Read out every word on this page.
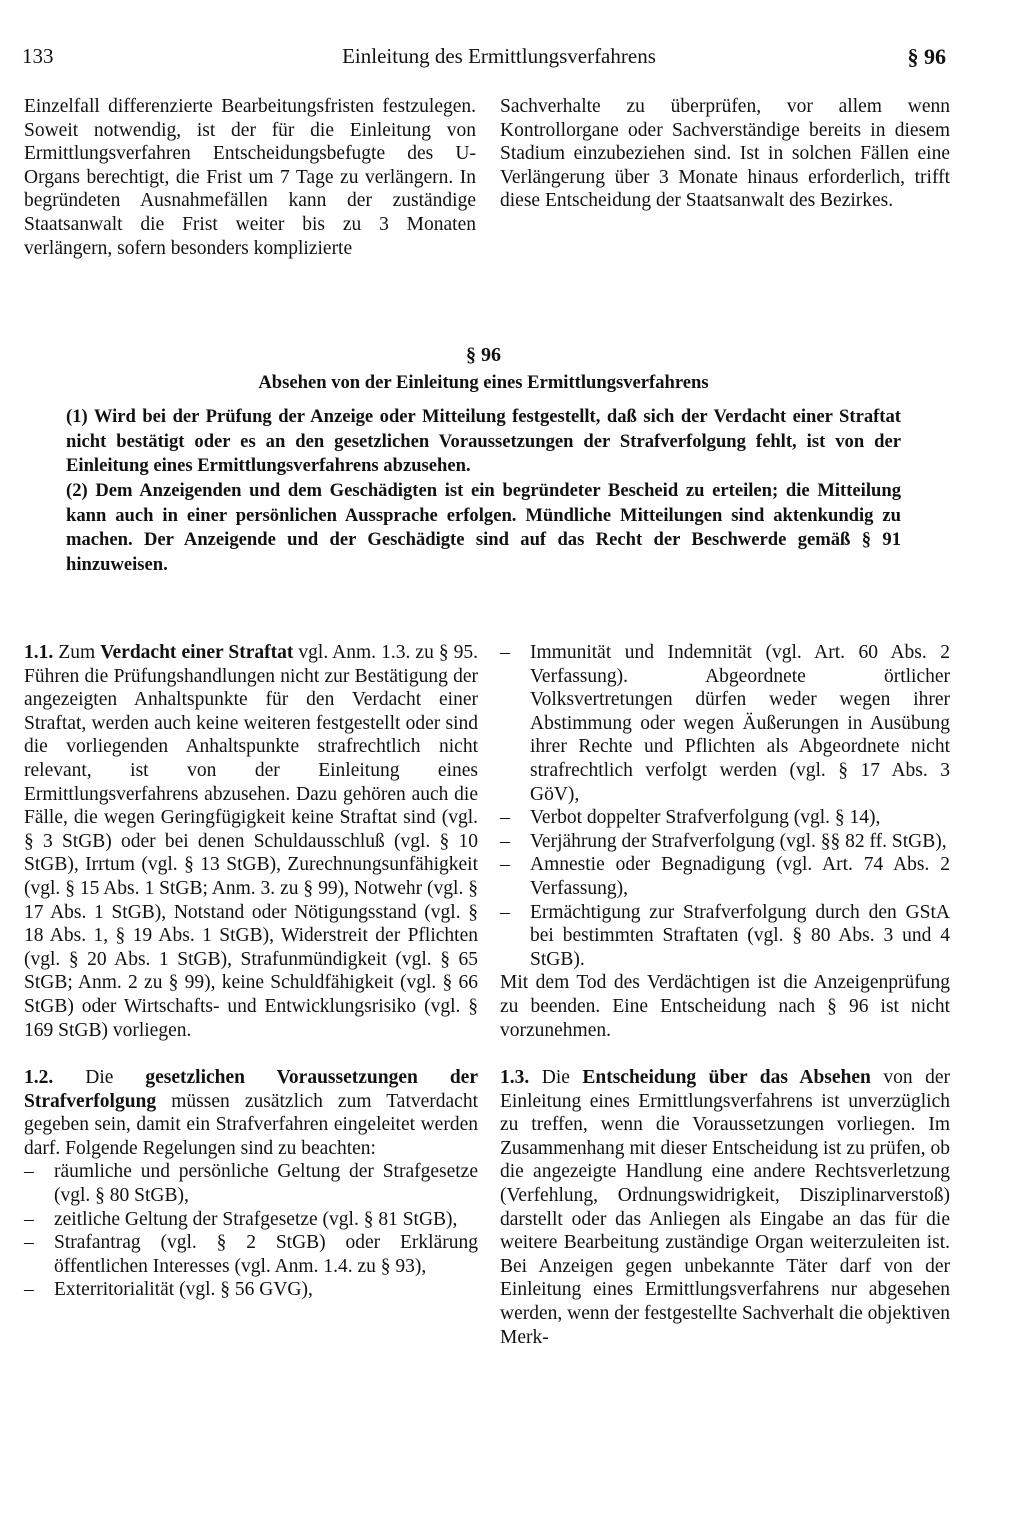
133	Einleitung des Ermittlungsverfahrens	§ 96

Einzelfall differenzierte Bearbeitungsfristen festzulegen. Soweit notwendig, ist der für die Einleitung von Ermittlungsverfahren Entscheidungsbefugte des U-Organs berechtigt, die Frist um 7 Tage zu verlängern. In begründeten Ausnahmefällen kann der zuständige Staatsanwalt die Frist weiter bis zu 3 Monaten verlängern, sofern besonders komplizierte

Sachverhalte zu überprüfen, vor allem wenn Kontrollorgane oder Sachverständige bereits in diesem Stadium einzubeziehen sind. Ist in solchen Fällen eine Verlängerung über 3 Monate hinaus erforderlich, trifft diese Entscheidung der Staatsanwalt des Bezirkes.

§ 96
Absehen von der Einleitung eines Ermittlungsverfahrens

(1) Wird bei der Prüfung der Anzeige oder Mitteilung festgestellt, daß sich der Verdacht einer Straftat nicht bestätigt oder es an den gesetzlichen Voraussetzungen der Strafverfolgung fehlt, ist von der Einleitung eines Ermittlungsverfahrens abzusehen.

(2) Dem Anzeigenden und dem Geschädigten ist ein begründeter Bescheid zu erteilen; die Mitteilung kann auch in einer persönlichen Aussprache erfolgen. Mündliche Mitteilungen sind aktenkundig zu machen. Der Anzeigende und der Geschädigte sind auf das Recht der Beschwerde gemäß § 91 hinzuweisen.

1.1. Zum Verdacht einer Straftat vgl. Anm. 1.3. zu § 95. Führen die Prüfungshandlungen nicht zur Bestätigung der angezeigten Anhaltspunkte für den Verdacht einer Straftat, werden auch keine weiteren festgestellt oder sind die vorliegenden Anhaltspunkte strafrechtlich nicht relevant, ist von der Einleitung eines Ermittlungsverfahrens abzusehen. Dazu gehören auch die Fälle, die wegen Geringfügigkeit keine Straftat sind (vgl. § 3 StGB) oder bei denen Schuldausschluß (vgl. § 10 StGB), Irrtum (vgl. § 13 StGB), Zurechnungsunfähigkeit (vgl. § 15 Abs. 1 StGB; Anm. 3. zu § 99), Notwehr (vgl. § 17 Abs. 1 StGB), Notstand oder Nötigungsstand (vgl. § 18 Abs. 1, § 19 Abs. 1 StGB), Widerstreit der Pflichten (vgl. § 20 Abs. 1 StGB), Strafunmündigkeit (vgl. § 65 StGB; Anm. 2 zu § 99), keine Schuldfähigkeit (vgl. § 66 StGB) oder Wirtschafts- und Entwicklungsrisiko (vgl. § 169 StGB) vorliegen.

1.2. Die gesetzlichen Voraussetzungen der Strafverfolgung müssen zusätzlich zum Tatverdacht gegeben sein, damit ein Strafverfahren eingeleitet werden darf. Folgende Regelungen sind zu beachten:

– räumliche und persönliche Geltung der Strafgesetze (vgl. § 80 StGB),
– zeitliche Geltung der Strafgesetze (vgl. § 81 StGB),
– Strafantrag (vgl. § 2 StGB) oder Erklärung öffentlichen Interesses (vgl. Anm. 1.4. zu § 93),
– Exterritorialität (vgl. § 56 GVG),
– Immunität und Indemnität (vgl. Art. 60 Abs. 2 Verfassung). Abgeordnete örtlicher Volksvertretungen dürfen weder wegen ihrer Abstimmung oder wegen Äußerungen in Ausübung ihrer Rechte und Pflichten als Abgeordnete nicht strafrechtlich verfolgt werden (vgl. § 17 Abs. 3 GöV),
– Verbot doppelter Strafverfolgung (vgl. § 14),
– Verjährung der Strafverfolgung (vgl. §§ 82 ff. StGB),
– Amnestie oder Begnadigung (vgl. Art. 74 Abs. 2 Verfassung),
– Ermächtigung zur Strafverfolgung durch den GStA bei bestimmten Straftaten (vgl. § 80 Abs. 3 und 4 StGB).

Mit dem Tod des Verdächtigen ist die Anzeigenprüfung zu beenden. Eine Entscheidung nach § 96 ist nicht vorzunehmen.

1.3. Die Entscheidung über das Absehen von der Einleitung eines Ermittlungsverfahrens ist unverzüglich zu treffen, wenn die Voraussetzungen vorliegen. Im Zusammenhang mit dieser Entscheidung ist zu prüfen, ob die angezeigte Handlung eine andere Rechtsverletzung (Verfehlung, Ordnungswidrigkeit, Disziplinarverstoß) darstellt oder das Anliegen als Eingabe an das für die weitere Bearbeitung zuständige Organ weiterzuleiten ist. Bei Anzeigen gegen unbekannte Täter darf von der Einleitung eines Ermittlungsverfahrens nur abgesehen werden, wenn der festgestellte Sachverhalt die objektiven Merk-
